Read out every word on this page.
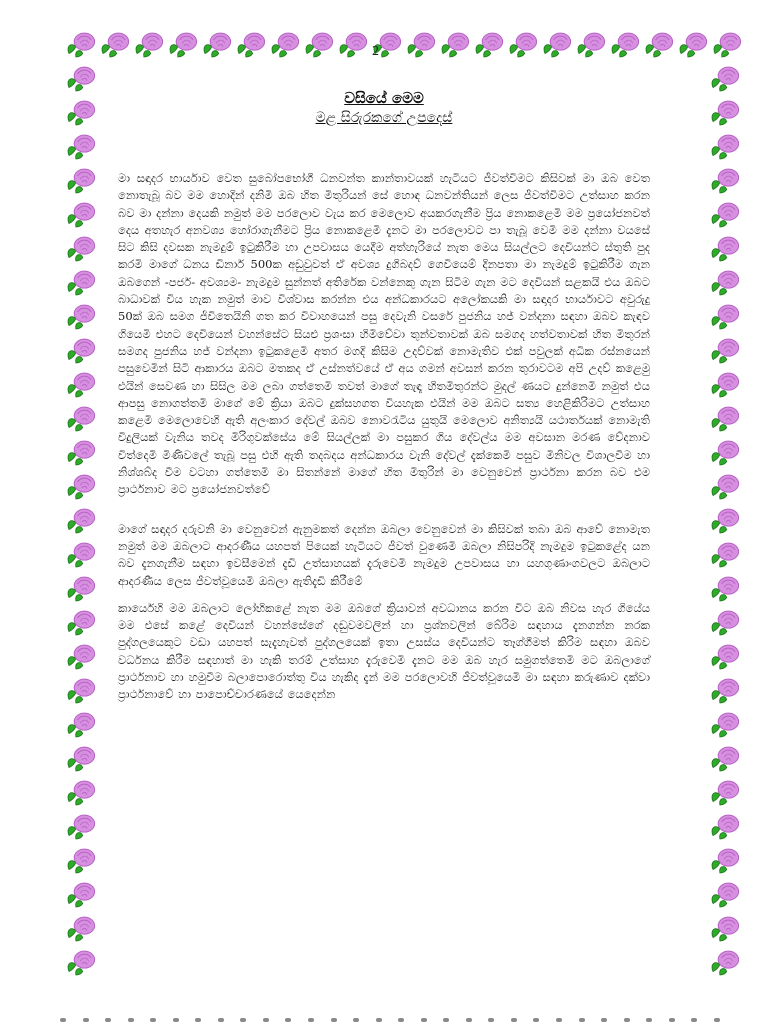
2

වසියේ මෙම

මළ සිරුරකගේ උපදෙස්

මා සඳාදර භාර්යාව වෙත සුබෝපභෝගී ධනවන්ත කාන්තාවයක් හැටියට ජීවත්විමට කිසිවක් මා ඔබ වෙත නොතැබූ බව මම හොදින් දනිමි ඔබ හිත මිතුරියන් සේ හොඳ ධනවන්තියන් ලෙස ජීවත්විමට උත්සාහ කරන බව මා දන්නා දෙයකි නමුත් මම පරලොව වැය කර මෙලොව අයකරගැනීම ප්‍රිය නොකළෙමි මම ප්‍රයෝජනවත් දෙය අතහැර අනවශ්‍ය හෝරාගැනීමට ප්‍රිය නොකළෙමි දැනට මා පරලොවට පා තැබූ වෙමි මම දන්නා වයසේ සිට කිසි දවසක නැමදුම් ඉටුකිරීම හා උපවාසය යෙදීම අත්හැරියේ නැත මෙය සියල්ලට දෙවියන්ට ස්තුති පුද කරමි මාගේ ධනය ඩිනාර් 500ක අඩුවුවත් ඒ අවශ්‍ය දුගිබදව් ගෙවියෙම් දිනපතා මා නැමදුම් ඉටුකිරීම ගැන ඔබගෙන් -පර්ජ- අවශ්‍යම- නැමදුම සුන්නත් අතිරේක වන්නෙකු ගැන සිටිම ගැන මට දෙවියන් සළකයි එය ඔබට බාධාවක් විය හැක නමුත් මාව විශ්වාස කරන්න එය අන්ධකාරයට අලෝකයකි මා සඳාදර භාර්යාවට අවුරුදු 50ක් ඔබ සමග ජිවිතෙයිනි ගත කර විවාහයෙන් පසු දෙවැනි වසරේ පුජනිය හජ් වන්දනා සඳහා ඔබව කැඳව ගියෙමි එහට දෙවියෙන් වහන්සේට සියළු ප්‍රශංසා හිමිවේවා තුන්වතාවක් ඔබ සමගද හත්වතාවක් හිත මිතුරන් සමගද පුජනිය හජ් වන්දනා ඉටුකළෙමි අතර මගදි කිසිම උදව්වක් නොමැතිව එක් පවුලක් අධික රස්නයෙන් පසුවෙමින් සිටි ආකාරය ඔබට මතකද ඒ උස්නත්වයේ ඒ අය ගමන් අවසන් කරන තුරාවටම අපි උදව් කළෙමු එයින් සෙවණ හා සිසිල මම ලබා ගත්තෙමි තවත් මාගේ තැඳෑ හිතමිතුරන්ට මුදල් ණයට දුන්නෙමි නමුත් එය ආපසු නොගත්තමි මාගේ මේ ක්‍රියා ඔබට දුක්සහගත වියහැක එයින් මම ඔබට සත්‍ය හෙළිකිරිමට උත්සාහ කළෙමි මෙලොවෙහි ඇති අලංකාර දේවල් ඔබව නොවරැටිය යුතුයි මෙලොව අනිත්‍යයි යථාර්තයක් නොමැති විදුලියක් වැනිය තවද මිරිගුවක්සේය මේ සියල්ලක් මා පසුකර ගිය දේවල්ය මම අවසාන මරණ වේදනාව විත්දෙමි මිණිවලේ තැබූ පසු එහි ඇති තදබදය අන්ධකාරය වැනි දේවල් දැක්කෙමි පසුව මිනිවල විශාලවීම හා නිශ්ශබ්ද වීම වටහා ගත්තෙමි මා සිතන්නේ මාගේ හිත මිතුරින් මා වෙනුවෙන් ප්‍රාර්ථනා කරන බව එම ප්‍රාර්ථනාව මට ප්‍රයෝජනවත්වේ

මාගේ සඳාදර දරුවනි මා වෙනුවෙන් ඇනුමකත් දෙන්න ඔබලා වෙනුවෙන් මා කිසිවක් තබා ඔබ ආවේ නොමැත නමුත් මම ඔබලාට ආදරණීය යහපත් පියෙක් හැටියට ජීවත් වුණෙමි ඔබලා නිසිපරිදි නැමදුම ඉටුකළේද යන බව දැනගැනීම සඳහා ඉවසීමෙන් දැඩි උත්සාහයක් දැරුවෙමි නැමදුම උපවාසය හා යහගුණාංගවලට ඔබලාට ආදරණීය ලෙස ජීවත්වූයෙමි ඔබලා ඇතිදැඩි කිරීමේ

කාර්යෙහි මම ඔබලාට ලෝභිකළේ නැත මම ඔබගේ ක්‍රියාවන් අවධානය කරන විට ඔබ නිවස හැර ගියේය මම එසේ කළේ දෙවියන් වහන්සේගේ දඬුවමවලින් හා ප්‍රශ්නවලින් බේරිම සඳහාය දැනගන්න නරක පුද්ගලයෙකුට වඩා යහපත් සැදැහැවත් පුද්ගලයෙක් ඉතා උසස්ය දෙවියන්ට තෑග්ගීමත් කිරිම සඳහා ඔබව වර්ධනය කිරීම සඳහාත් මා හැකි තරම් උත්සාහ දැරුවෙමි දැනට මම ඔබ හැර සමුගත්තෙමි මට ඔබලාගේ ප්‍රාර්ථනාව හා හමුවීම බලාපොරොත්තු විය හැකිද දැන් මම පරලොවහි ජීවත්වූයෙමි මා සඳහා කරුණාව දක්වා ප්‍රාර්ථනාවේ හා පාපොච්චාරණයේ යෙදෙන්න
